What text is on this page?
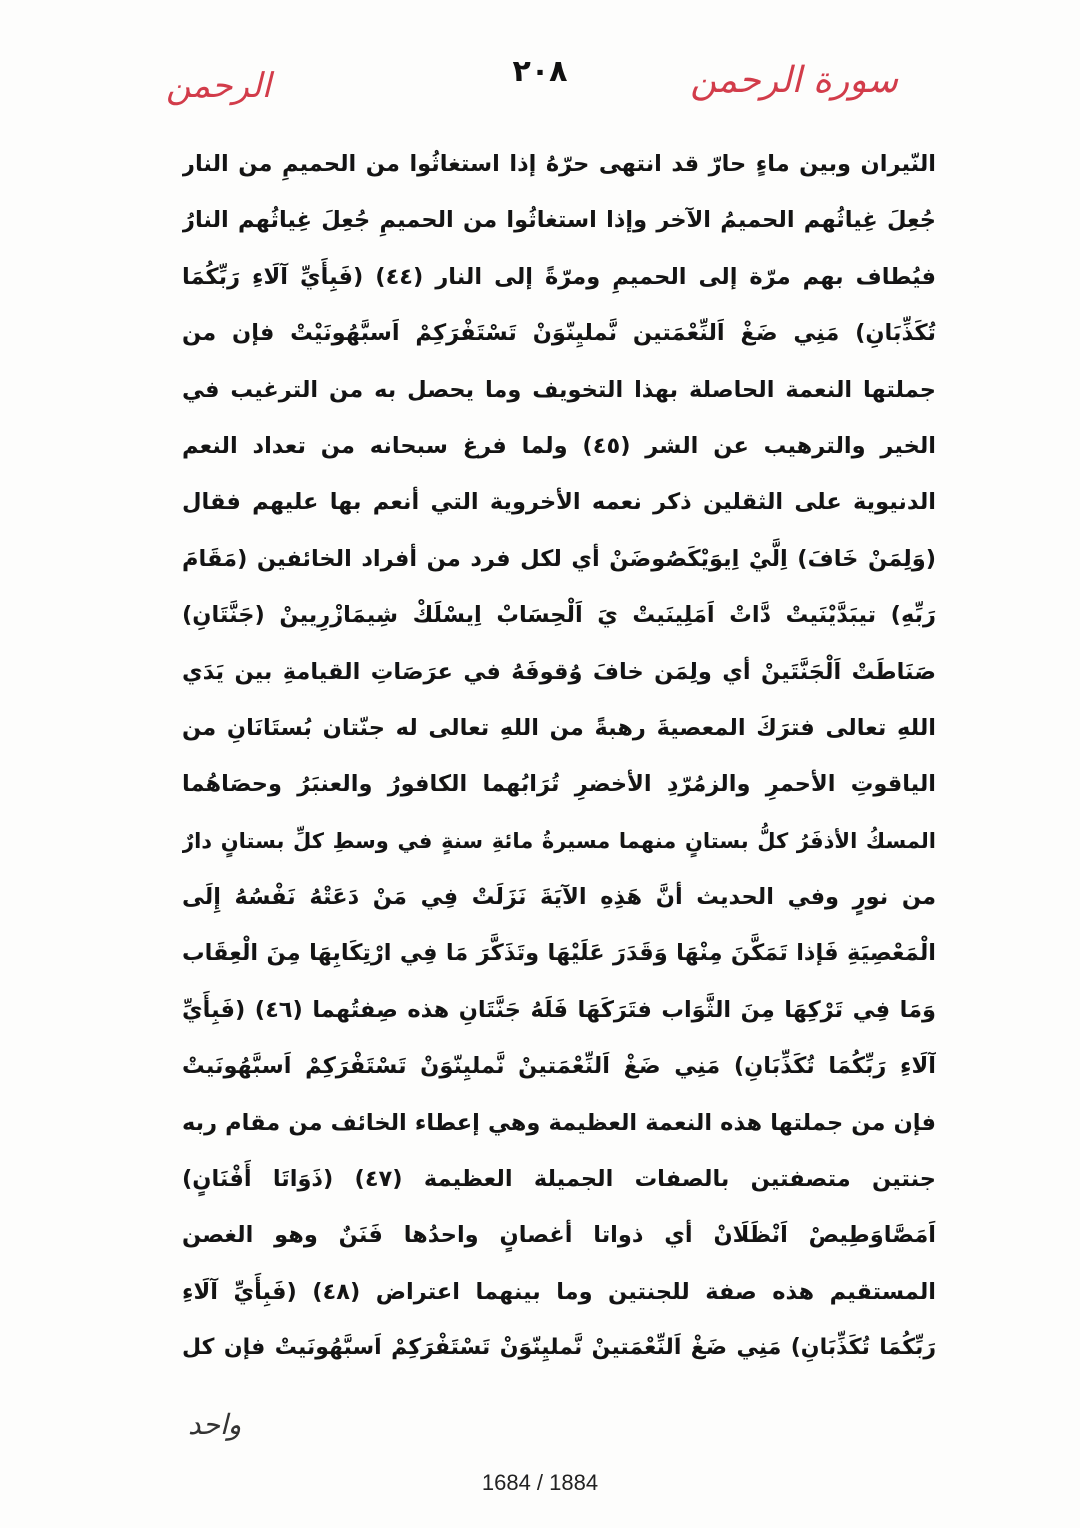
سورة الرحمن
الرحمن	٢٠٨
النّيران وبين ماءٍ حارّ قد انتهى حرّهُ إذا استغاثُوا من الحميمِ من النار
جُعِلَ غِياثُهم الحميمُ الآخر وإذا استغاثُوا من الحميمِ جُعِلَ غِياثُهم النارُ
فيُطاف بهم مرّة إلى الحميمِ ومرّةً إلى النار (٤٤) (فَبِأَيِّ آلَاءِ رَبِّكُمَا
تُكَذِّبَانِ) مَنِي ضَغْ اَلنِّعْمَتين نَّمليِنّوَنْ تَسْتَفْرَكِمْ اَسبَّهُونَيْتْ فإن من
جملتها النعمة الحاصلة بهذا التخويف وما يحصل به من الترغيب في
الخير والترهيب عن الشر (٤٥) ولما فرغ سبحانه من تعداد النعم
الدنيوية على الثقلين ذكر نعمه الأخروية التي أنعم بها عليهم فقال
(وَلِمَنْ خَافَ) اِلَّيْ اِيوَيْكَصُوضَنْ أي لكل فرد من أفراد الخائفين (مَقَامَ
رَبِّهِ) تيبَدَّيْنَيتْ دَّاتْ اَمَلِينَيتْ يَ اَلْحِسَابْ اِيسْلَكْ شِيمَازْرِيينْ (جَنَّتَانِ)
صَنَاطَتْ اَلْجَنَّتَينْ أي ولِمَن خافَ وُقوفَهُ في عرَصَاتِ القيامةِ بين يَدَي
اللهِ تعالى فترَكَ المعصيةَ رهبةً من اللهِ تعالى له جنّتان بُستَانَانِ من
الياقوتِ الأحمرِ والزمُرّدِ الأخضرِ تُرَابُهما الكافورُ والعنبَرُ وحصَاهُما
المسكُ الأذفَرُ كلُّ بستانٍ منهما مسيرةُ مائةِ سنةٍ في وسطِ كلِّ بستانٍ دارٌ
من نورٍ وفي الحديث أنَّ هَذِهِ الآيَةَ نَزَلَتْ فِي مَنْ دَعَتْهُ نَفْسُهُ إِلَى
الْمَعْصِيَةِ فَإذا تَمَكَّنَ مِنْهَا وَقَدَرَ عَلَيْهَا وتَذَكَّرَ مَا فِي ارْتِكَابِهَا مِنَ الْعِقَاب
وَمَا فِي تَرْكِهَا مِنَ الثَّوَاب فتَرَكَهَا فَلَهُ جَنَّتَانِ هذه صِفتُهما (٤٦) (فَبِأَيِّ
آلَاءِ رَبِّكُمَا تُكَذِّبَانِ) مَنِي ضَغْ اَلنِّعْمَتينْ نَّمليِنّوَنْ تَسْتَفْرَكِمْ اَسبَّهُونَيتْ
فإن من جملتها هذه النعمة العظيمة وهي إعطاء الخائف من مقام ربه
جنتين متصفتين بالصفات الجميلة العظيمة (٤٧) (ذَوَاتَا أَفْنَانٍ)
اَمَصَّاوَطِيصْ اَنْظَلَانْ أي ذواتا أغصانٍ واحدُها فَنَنٌ وهو الغصن
المستقيم هذه صفة للجنتين وما بينهما اعتراض (٤٨) (فَبِأَيِّ آلَاءِ
رَبِّكُمَا تُكَذِّبَانِ) مَنِي ضَغْ اَلنِّعْمَتينْ نَّمليِنّوَنْ تَسْتَفْرَكِمْ اَسبَّهُونَيتْ فإن كل
واحد
1684 / 1884
